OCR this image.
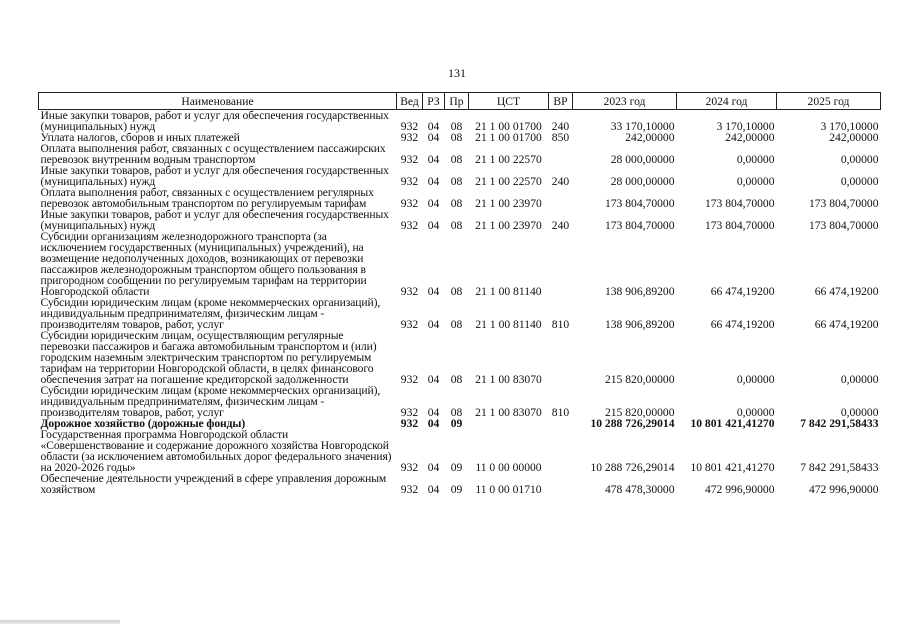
131
Наименование	Вед	РЗ	Пр	ЦСТ	ВР	2023 год	2024 год	2025 год
Иные закупки товаров, работ и услуг для обеспечения государственных (муниципальных) нужд	932	04	08	21 1 00 01700	240	33 170,10000	3 170,10000	3 170,10000
Уплата налогов, сборов и иных платежей	932	04	08	21 1 00 01700	850	242,00000	242,00000	242,00000
Оплата выполнения работ, связанных с осуществлением пассажирских перевозок внутренним водным транспортом	932	04	08	21 1 00 22570		28 000,00000	0,00000	0,00000
Иные закупки товаров, работ и услуг для обеспечения государственных (муниципальных) нужд	932	04	08	21 1 00 22570	240	28 000,00000	0,00000	0,00000
Оплата выполнения работ, связанных с осуществлением регулярных перевозок автомобильным транспортом по регулируемым тарифам	932	04	08	21 1 00 23970		173 804,70000	173 804,70000	173 804,70000
Иные закупки товаров, работ и услуг для обеспечения государственных (муниципальных) нужд	932	04	08	21 1 00 23970	240	173 804,70000	173 804,70000	173 804,70000
Субсидии организациям железнодорожного транспорта (за исключением государственных (муниципальных) учреждений), на возмещение недополученных доходов, возникающих от перевозки пассажиров железнодорожным транспортом общего пользования в пригородном сообщении по регулируемым тарифам на территории Новгородской области	932	04	08	21 1 00 81140		138 906,89200	66 474,19200	66 474,19200
Субсидии юридическим лицам (кроме некоммерческих организаций), индивидуальным предпринимателям, физическим лицам - производителям товаров, работ, услуг	932	04	08	21 1 00 81140	810	138 906,89200	66 474,19200	66 474,19200
Субсидии юридическим лицам, осуществляющим регулярные перевозки пассажиров и багажа автомобильным транспортом и (или) городским наземным электрическим транспортом по регулируемым тарифам на территории Новгородской области, в целях финансового обеспечения затрат на погашение кредиторской задолженности	932	04	08	21 1 00 83070		215 820,00000	0,00000	0,00000
Субсидии юридическим лицам (кроме некоммерческих организаций), индивидуальным предпринимателям, физическим лицам - производителям товаров, работ, услуг	932	04	08	21 1 00 83070	810	215 820,00000	0,00000	0,00000
Дорожное хозяйство (дорожные фонды)	932	04	09			10 288 726,29014	10 801 421,41270	7 842 291,58433
Государственная программа Новгородской области «Совершенствование и содержание дорожного хозяйства Новгородской области (за исключением автомобильных дорог федерального значения) на 2020-2026 годы»	932	04	09	11 0 00 00000		10 288 726,29014	10 801 421,41270	7 842 291,58433
Обеспечение деятельности учреждений в сфере управления дорожным хозяйством	932	04	09	11 0 00 01710		478 478,30000	472 996,90000	472 996,90000
